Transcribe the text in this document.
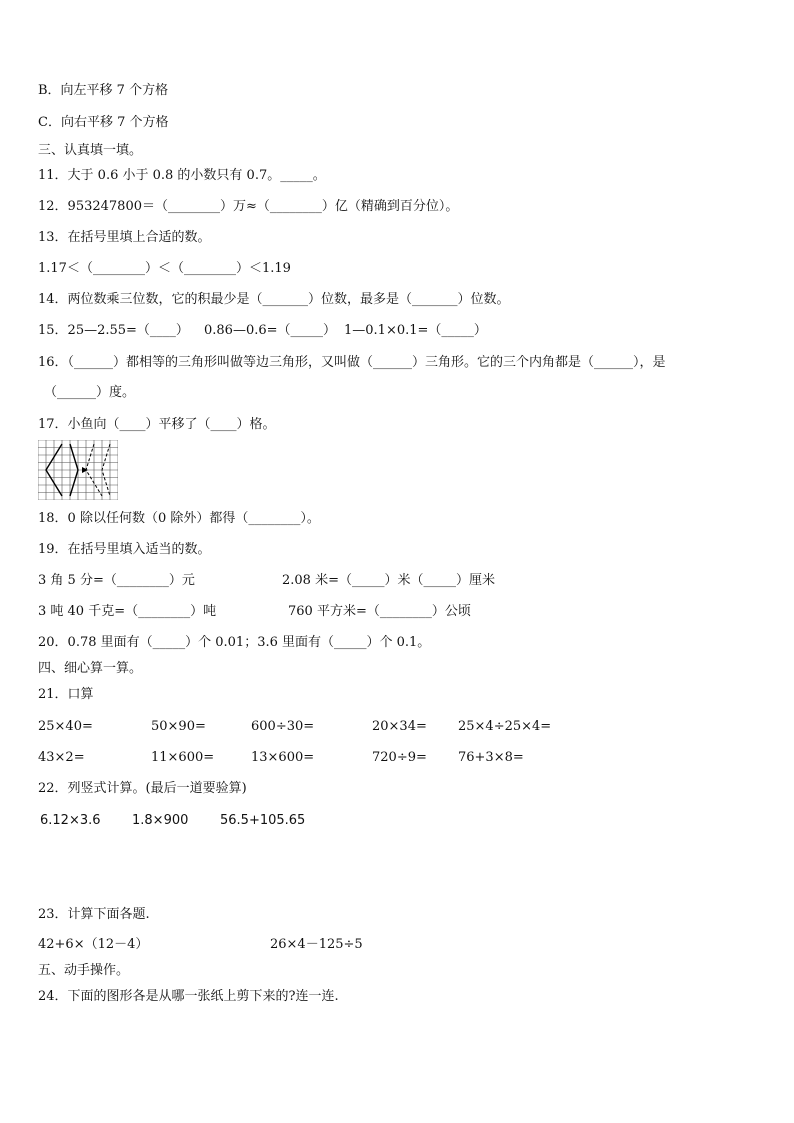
B．向左平移 7 个方格
C．向右平移 7 个方格
三、认真填一填。
11．大于 0.6 小于 0.8 的小数只有 0.7。_____。
12．953247800＝（________）万≈（________）亿（精确到百分位）。
13．在括号里填上合适的数。
1.17＜（________）＜（________）＜1.19
14．两位数乘三位数，它的积最少是（_______）位数，最多是（_______）位数。
15．25—2.55=（____） 0.86—0.6=（_____） 1—0.1×0.1=（_____）
16．（______）都相等的三角形叫做等边三角形，又叫做（______）三角形。它的三个内角都是（______），是
（______）度。
17．小鱼向（____）平移了（____）格。
18．0 除以任何数（0 除外）都得（________）。
19．在括号里填入适当的数。
3 角 5 分=（________）元	2.08 米=（_____）米（_____）厘米
3 吨 40 千克=（________）吨	760 平方米=（________）公顷
20．0.78 里面有（_____）个 0.01；3.6 里面有（_____）个 0.1。
四、细心算一算。
21．口算
25×40=	50×90=	600÷30=	20×34= 25×4÷25×4=
43×2=	11×600=	13×600=	720÷9= 76+3×8=
22．列竖式计算。(最后一道要验算)
6.12×3.6 1.8×900 56.5+105.65
23．计算下面各题.
42+6×（12－4）	26×4－125÷5
五、动手操作。
24．下面的图形各是从哪一张纸上剪下来的?连一连.
